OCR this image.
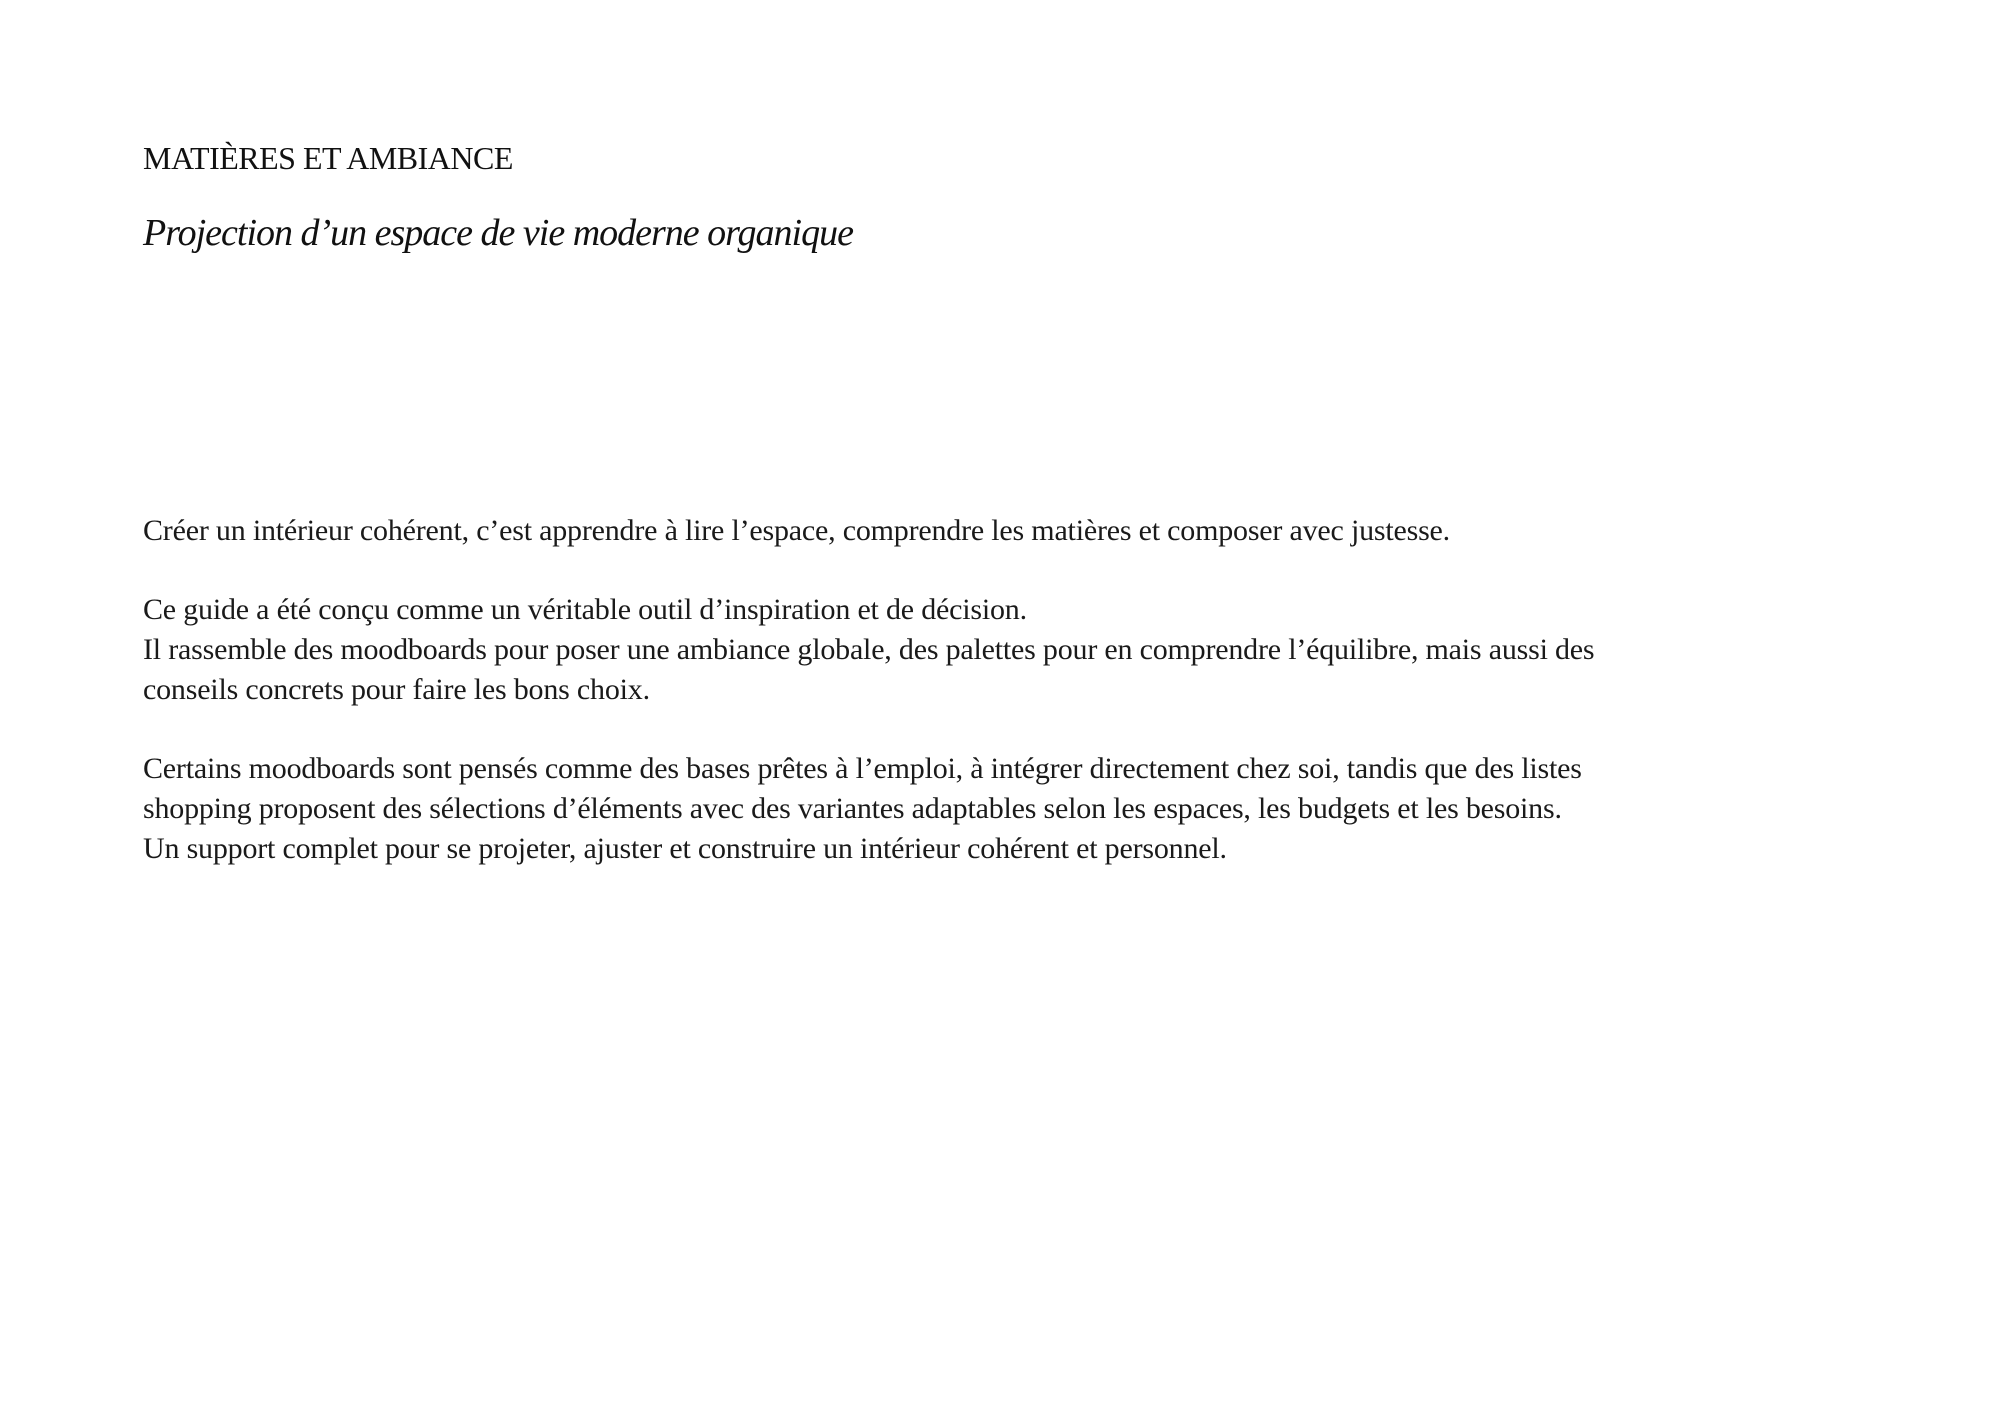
MATIÈRES ET AMBIANCE
Projection d’un espace de vie moderne organique

Créer un intérieur cohérent, c’est apprendre à lire l’espace, comprendre les matières et composer avec justesse.

Ce guide a été conçu comme un véritable outil d’inspiration et de décision.
Il rassemble des moodboards pour poser une ambiance globale, des palettes pour en comprendre l’équilibre, mais aussi des
conseils concrets pour faire les bons choix.

Certains moodboards sont pensés comme des bases prêtes à l’emploi, à intégrer directement chez soi, tandis que des listes
shopping proposent des sélections d’éléments avec des variantes adaptables selon les espaces, les budgets et les besoins.
Un support complet pour se projeter, ajuster et construire un intérieur cohérent et personnel.
